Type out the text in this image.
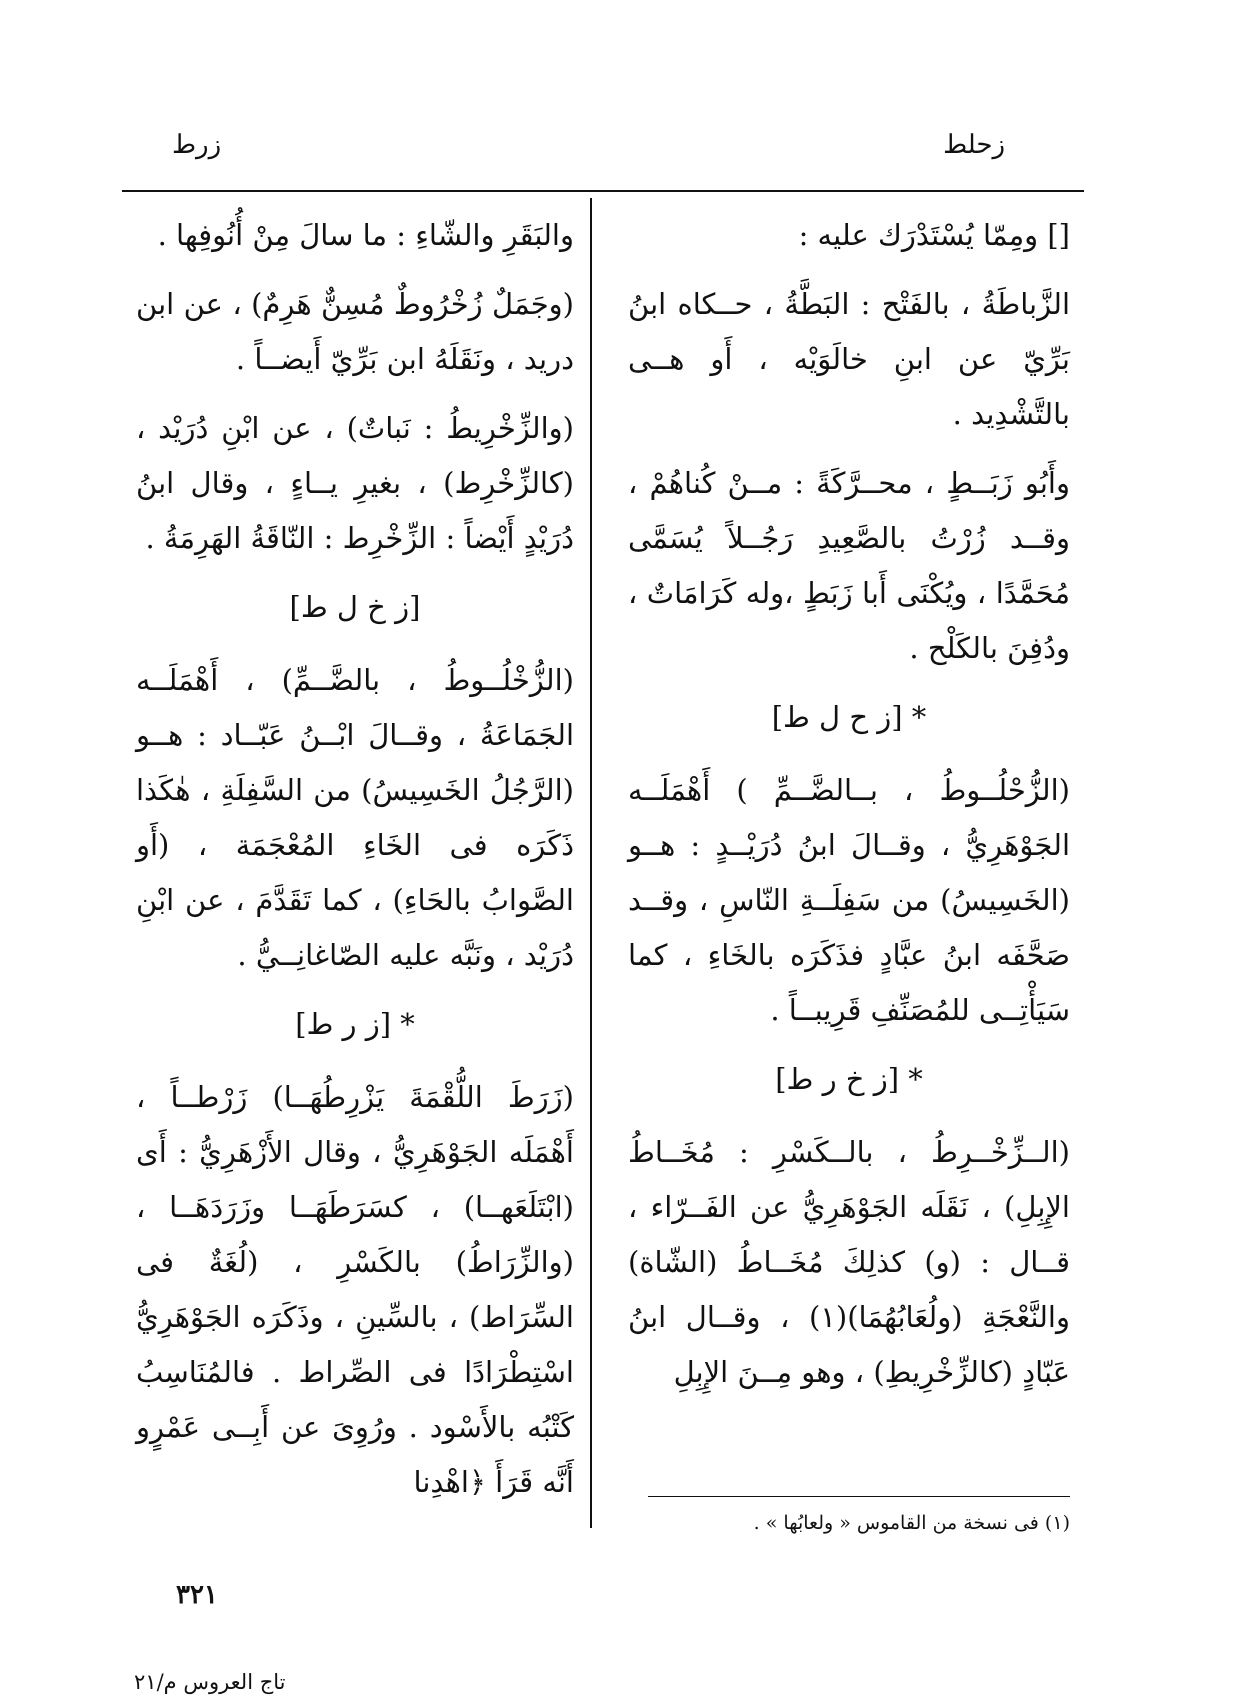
زحلط
زرط

[] ومِمّا يُسْتَدْرَك عليه :

الزَّباطَةُ ، بالفَتْح : البَطَّةُ ، حــكاه ابنُ بَرِّيّ عن ابنِ خالَوَيْه ، أَو هــى بالتَّشْدِيد .

وأَبُو زَبَــطٍ ، محــرَّكَةً : مــنْ كُناهُمْ ، وقــد زُرْتُ بالصَّعِيدِ رَجُــلاً يُسَمَّى مُحَمَّدًا ، ويُكْنَى أَبا زَبَطٍ ،وله كَرَامَاتٌ ، ودُفِنَ بالكَلْح .

* [ز ح ل ط]

(الزُّحْلُــوطُ ، بــالضَّــمِّ ) أَهْمَلَــه الجَوْهَرِيُّ ، وقــالَ ابنُ دُرَيْــدٍ : هــو (الخَسِيسُ) من سَفِلَــةِ النّاسِ ، وقــد صَحَّفَه ابنُ عبَّادٍ فذَكَرَه بالخَاءِ ، كما سَيَأْتِــى للمُصَنِّفِ قَرِيبــاً .

* [ز خ ر ط]

(الــزِّخْــرِطُ ، بالــكَسْرِ : مُخَــاطُ الإِبِلِ) ، نَقَلَه الجَوْهَرِيُّ عن الفَــرّاء ، قــال : (و) كذلِكَ مُخَــاطُ (الشّاة) والنَّعْجَةِ (ولُعَابُهُمَا)(١) ، وقــال ابنُ عَبّادٍ (كالزِّخْرِيطِ) ، وهو مِــنَ الإِبِلِ

والبَقَرِ والشّاءِ : ما سالَ مِنْ أُنُوفِها .

(وجَمَلٌ زُخْرُوطٌ مُسِنٌّ هَرِمٌ) ، عن ابن دريد ، ونَقَلَهُ ابن بَرِّيّ أَيضــاً .

(والزِّخْرِيطُ : نَباتٌ) ، عن ابْنِ دُرَيْد ، (كالزِّخْرِط) ، بغيرِ يــاءٍ ، وقال ابنُ دُرَيْدٍ أَيْضاً : الزِّخْرِط : النّاقَةُ الهَرِمَةُ .

[ز خ ل ط]

(الزُّخْلُــوطُ ، بالضَّــمِّ) ، أَهْمَلَــه الجَمَاعَةُ ، وقــالَ ابْــنُ عَبّــاد : هــو (الرَّجُلُ الخَسِيسُ) من السَّفِلَةِ ، هٰكَذا ذَكَرَه فى الخَاءِ المُعْجَمَة ، (أَو الصَّوابُ بالحَاءِ) ، كما تَقَدَّمَ ، عن ابْنِ دُرَيْد ، ونَبَّه عليه الصّاغانِــيُّ .

* [ز ر ط]

(زَرَطَ اللُّقْمَةَ يَزْرِطُهَــا) زَرْطــاً ، أَهْمَلَه الجَوْهَرِيُّ ، وقال الأَزْهَرِيُّ : أَى (ابْتَلَعَهــا) ، كسَرَطَهَــا وزَرَدَهَــا ، (والزِّرَاطُ) بالكَسْرِ ، (لُغَةٌ فى السِّرَاط) ، بالسِّينِ ، وذَكَرَه الجَوْهَرِيُّ اسْتِطْرَادًا فى الصِّراط . فالمُنَاسِبُ كَتْبُه بالأَسْود . ورُوِىَ عن أَبِــى عَمْرٍو أَنَّه قَرَأَ ﴿اهْدِنا

(١) فى نسخة من القاموس « ولعابُها » .
٣٢١
تاج العروس م/٢١
